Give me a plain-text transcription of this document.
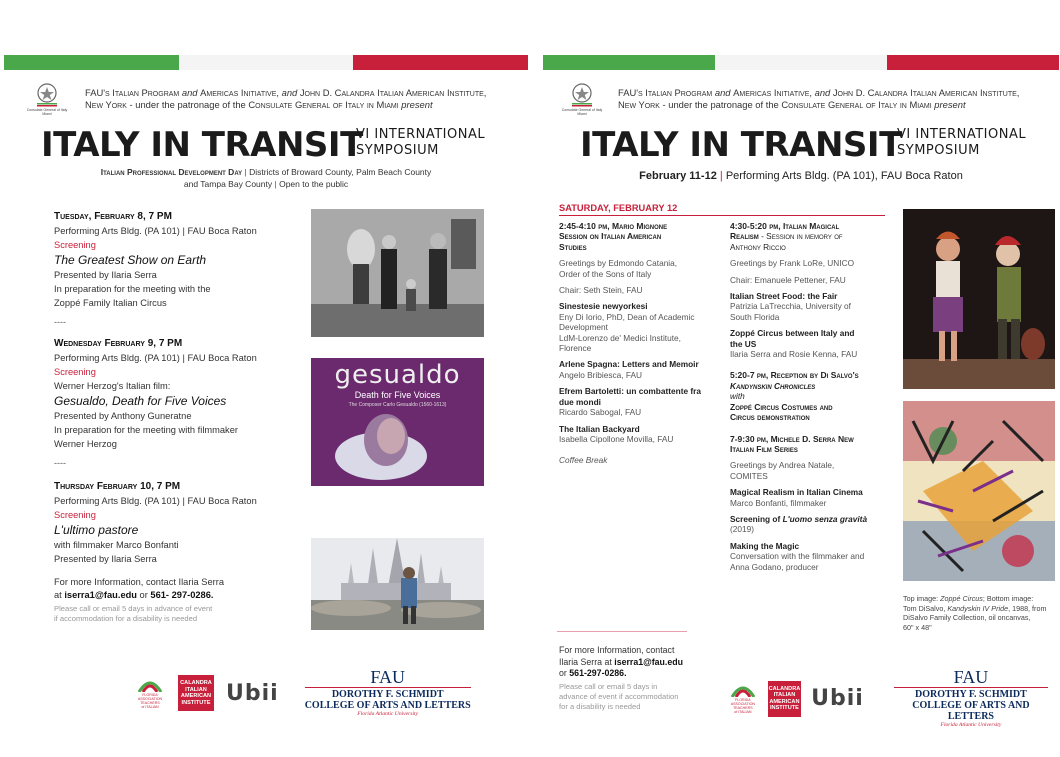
Consulate General of Italy Miami
FAU's Italian Program and Americas Initiative, and John D. Calandra Italian American Institute,
New York - under the patronage of the Consulate General of Italy in Miami present
ITALY IN TRANSIT
VI INTERNATIONAL
SYMPOSIUM
Italian Professional Development Day | Districts of Broward County, Palm Beach County
and Tampa Bay County | Open to the public
Tuesday, February 8, 7 PM
Performing Arts Bldg. (PA 101) | FAU Boca Raton
Screening
The Greatest Show on Earth
Presented by Ilaria Serra
In preparation for the meeting with the
Zoppé Family Italian Circus
----
Wednesday February 9, 7 PM
Performing Arts Bldg. (PA 101) | FAU Boca Raton
Screening
Werner Herzog's Italian film:
Gesualdo, Death for Five Voices
Presented by Anthony Guneratne
In preparation for the meeting with filmmaker
Werner Herzog
----
Thursday February 10, 7 PM
Performing Arts Bldg. (PA 101) | FAU Boca Raton
Screening
L'ultimo pastore
with filmmaker Marco Bonfanti
Presented by Ilaria Serra
gesualdo
Death for Five Voices
The Composer Carlo Gesualdo (1560-1613)
For more Information, contact Ilaria Serra
at iserra1@fau.edu or 561- 297-0286.
Please call or email 5 days in advance of event
if accommodation for a disability is needed
FLORIDA
ASSOCIATION
TEACHERS
of ITALIAN
CALANDRA
ITALIAN
AMERICAN
INSTITUTE Ubii
FAU
DOROTHY F. SCHMIDT
COLLEGE OF ARTS AND LETTERS
Florida Atlantic University
Consulate General of Italy Miami
FAU's Italian Program and Americas Initiative, and John D. Calandra Italian American Institute,
New York - under the patronage of the Consulate General of Italy in Miami present
ITALY IN TRANSIT
VI INTERNATIONAL
SYMPOSIUM
February 11-12 | Performing Arts Bldg. (PA 101), FAU Boca Raton
SATURDAY, FEBRUARY 12
2:45-4:10 pm, Mario Mignone
Session on Italian American
Studies
Greetings by Edmondo Catania,
Order of the Sons of Italy
Chair: Seth Stein, FAU
Sinestesie newyorkesi
Eny Di Iorio, PhD, Dean of Academic
Development
LdM-Lorenzo de' Medici Institute,
Florence
Arlene Spagna: Letters and Memoir
Angelo Bribiesca, FAU
Efrem Bartoletti: un combattente fra
due mondi
Ricardo Sabogal, FAU
The Italian Backyard
Isabella Cipollone Movilla, FAU
Coffee Break
4:30-5:20 pm, Italian Magical
Realism - Session in memory of
Anthony Riccio
Greetings by Frank LoRe, UNICO
Chair: Emanuele Pettener, FAU
Italian Street Food: the Fair
Patrizia LaTrecchia, University of
South Florida
Zoppé Circus between Italy and
the US
Ilaria Serra and Rosie Kenna, FAU
5:20-7 pm, Reception by Di Salvo's
Kandynskin Chronicles
with
Zoppé Circus Costumes and
Circus demonstration
7-9:30 pm, Michele D. Serra New
Italian Film Series
Greetings by Andrea Natale,
COMITES
Magical Realism in Italian Cinema
Marco Bonfanti, filmmaker
Screening of L'uomo senza gravità
(2019)
Making the Magic
Conversation with the filmmaker and
Anna Godano, producer
Top image: Zoppé Circus; Bottom image:
Tom DiSalvo, Kandyskin IV Pride, 1988, from
DiSalvo Family Collection, oil oncanvas,
60" x 48"
For more Information, contact
Ilaria Serra at iserra1@fau.edu
or 561-297-0286.
Please call or email 5 days in
advance of event if accommodation
for a disability is needed
FLORIDA
ASSOCIATION
TEACHERS
of ITALIAN
CALANDRA
ITALIAN
AMERICAN
INSTITUTE Ubii
FAU
DOROTHY F. SCHMIDT
COLLEGE OF ARTS AND LETTERS
Florida Atlantic University
